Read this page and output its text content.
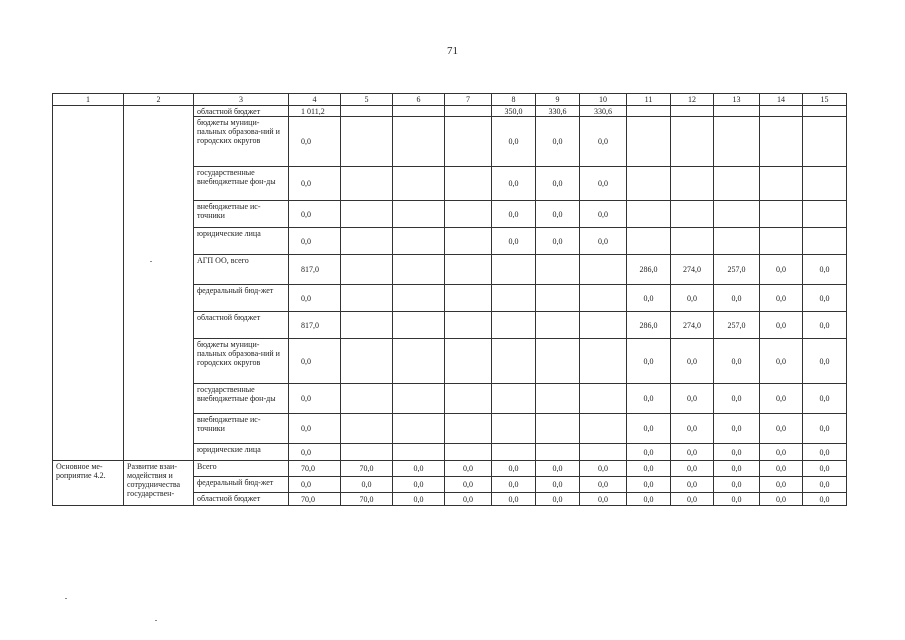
71
1	2	3	4	5	6	7	8	9	10	11	12	13	14	15
		областной бюджет	1 011,2				350,0	330,6	330,6					
		бюджеты муници-пальных образова-ний и городских округов	0,0				0,0	0,0	0,0					
		государственные внебюджетные фон-ды	0,0				0,0	0,0	0,0					
		внебюджетные ис-точники	0,0				0,0	0,0	0,0					
		юридические лица	0,0				0,0	0,0	0,0					
		АГП ОО, всего	817,0							286,0	274,0	257,0	0,0	0,0
		федеральный бюд-жет	0,0							0,0	0,0	0,0	0,0	0,0
		областной бюджет	817,0							286,0	274,0	257,0	0,0	0,0
		бюджеты муници-пальных образова-ний и городских округов	0,0							0,0	0,0	0,0	0,0	0,0
		государственные внебюджетные фон-ды	0,0							0,0	0,0	0,0	0,0	0,0
		внебюджетные ис-точники	0,0							0,0	0,0	0,0	0,0	0,0
		юридические лица	0,0							0,0	0,0	0,0	0,0	0,0
Основное ме-роприятие 4.2.	Развитие взаи-модействия и сотрудничества государствен-	Всего	70,0	70,0	0,0	0,0	0,0	0,0	0,0	0,0	0,0	0,0	0,0	0,0
		федеральный бюд-жет	0,0	0,0	0,0	0,0	0,0	0,0	0,0	0,0	0,0	0,0	0,0	0,0
		областной бюджет	70,0	70,0	0,0	0,0	0,0	0,0	0,0	0,0	0,0	0,0	0,0	0,0
